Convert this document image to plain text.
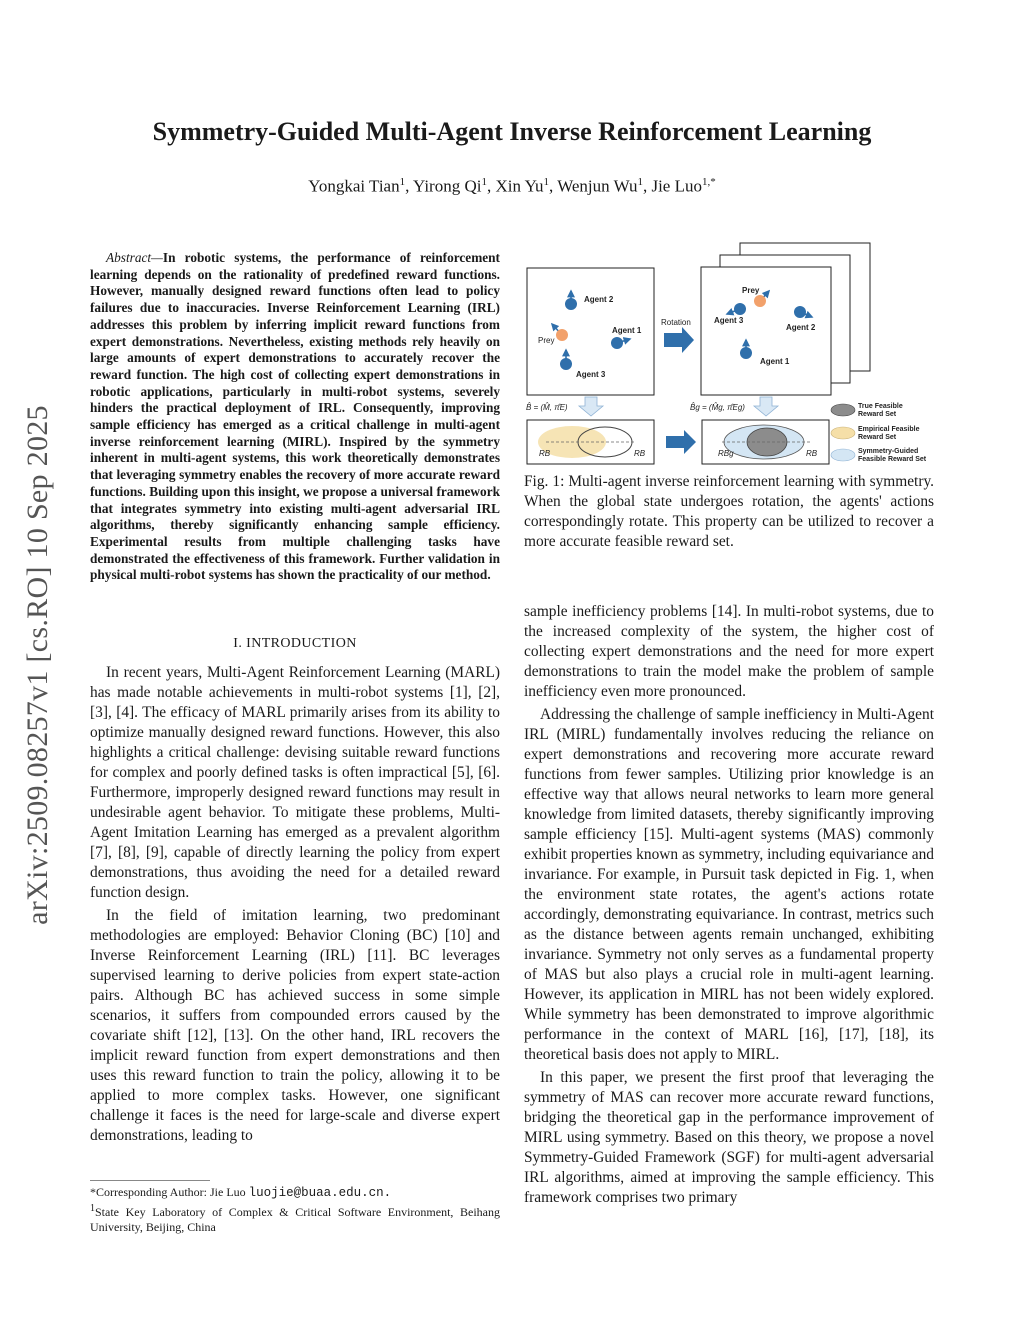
arXiv:2509.08257v1 [cs.RO] 10 Sep 2025
Symmetry-Guided Multi-Agent Inverse Reinforcement Learning
Yongkai Tian$^1$, Yirong Qi$^1$, Xin Yu$^1$, Wenjun Wu$^1$, Jie Luo$^{1,*}$

Abstract—In robotic systems, the performance of reinforcement learning depends on the rationality of predefined reward functions. However, manually designed reward functions often lead to policy failures due to inaccuracies. Inverse Reinforcement Learning (IRL) addresses this problem by inferring implicit reward functions from expert demonstrations. Nevertheless, existing methods rely heavily on large amounts of expert demonstrations to accurately recover the reward function. The high cost of collecting expert demonstrations in robotic applications, particularly in multi-robot systems, severely hinders the practical deployment of IRL. Consequently, improving sample efficiency has emerged as a critical challenge in multi-agent inverse reinforcement learning (MIRL). Inspired by the symmetry inherent in multi-agent systems, this work theoretically demonstrates that leveraging symmetry enables the recovery of more accurate reward functions. Building upon this insight, we propose a universal framework that integrates symmetry into existing multi-agent adversarial IRL algorithms, thereby significantly enhancing sample efficiency. Experimental results from multiple challenging tasks have demonstrated the effectiveness of this framework. Further validation in physical multi-robot systems has shown the practicality of our method.

I. INTRODUCTION

In recent years, Multi-Agent Reinforcement Learning (MARL) has made notable achievements in multi-robot systems [1], [2], [3], [4]. The efficacy of MARL primarily arises from its ability to optimize manually designed reward functions. However, this also highlights a critical challenge: devising suitable reward functions for complex and poorly defined tasks is often impractical [5], [6]. Furthermore, improperly designed reward functions may result in undesirable agent behavior. To mitigate these problems, Multi-Agent Imitation Learning has emerged as a prevalent algorithm [7], [8], [9], capable of directly learning the policy from expert demonstrations, thus avoiding the need for a detailed reward function design.

In the field of imitation learning, two predominant methodologies are employed: Behavior Cloning (BC) [10] and Inverse Reinforcement Learning (IRL) [11]. BC leverages supervised learning to derive policies from expert state-action pairs. Although BC has achieved success in some simple scenarios, it suffers from compounded errors caused by the covariate shift [12], [13]. On the other hand, IRL recovers the implicit reward function from expert demonstrations and then uses this reward function to train the policy, allowing it to be applied to more complex tasks. However, one significant challenge it faces is the need for large-scale and diverse expert demonstrations, leading to

*Corresponding Author: Jie Luo luojie@buaa.edu.cn.
$^1$State Key Laboratory of Complex & Critical Software Environment, Beihang University, Beijing, China
Prey
Agent 2
Agent 1
Agent 3
Rotation
Prey
Agent 3
Agent 2
Agent 1
B̂ = (M̂, π̂E)	B̂g = (M̂g, π̂Eg)
RB	RB	RBg	RB
True Feasible
Reward Set
Empirical Feasible
Reward Set
Symmetry-Guided
Feasible Reward Set
Fig. 1: Multi-agent inverse reinforcement learning with symmetry. When the global state undergoes rotation, the agents' actions correspondingly rotate. This property can be utilized to recover a more accurate feasible reward set.

sample inefficiency problems [14]. In multi-robot systems, due to the increased complexity of the system, the higher cost of collecting expert demonstrations and the need for more expert demonstrations to train the model make the problem of sample inefficiency even more pronounced.

Addressing the challenge of sample inefficiency in Multi-Agent IRL (MIRL) fundamentally involves reducing the reliance on expert demonstrations and recovering more accurate reward functions from fewer samples. Utilizing prior knowledge is an effective way that allows neural networks to learn more general knowledge from limited datasets, thereby significantly improving sample efficiency [15]. Multi-agent systems (MAS) commonly exhibit properties known as symmetry, including equivariance and invariance. For example, in Pursuit task depicted in Fig. 1, when the environment state rotates, the agent's actions rotate accordingly, demonstrating equivariance. In contrast, metrics such as the distance between agents remain unchanged, exhibiting invariance. Symmetry not only serves as a fundamental property of MAS but also plays a crucial role in multi-agent learning. However, its application in MIRL has not been widely explored. While symmetry has been demonstrated to improve algorithmic performance in the context of MARL [16], [17], [18], its theoretical basis does not apply to MIRL.

In this paper, we present the first proof that leveraging the symmetry of MAS can recover more accurate reward functions, bridging the theoretical gap in the performance improvement of MIRL using symmetry. Based on this theory, we propose a novel Symmetry-Guided Framework (SGF) for multi-agent adversarial IRL algorithms, aimed at improving the sample efficiency. This framework comprises two primary
